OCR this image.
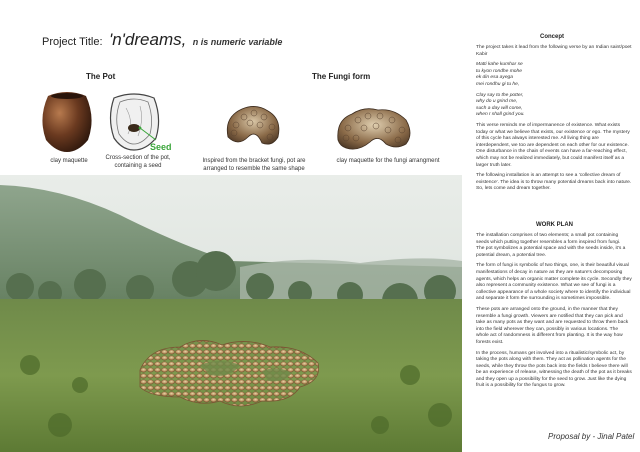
Project Title: 'n'dreams, n is numeric variable
The Pot
Seed
clay maquette	Cross-section of the pot, containing a seed
The Fungi form
Inspired from the bracket fungi, pot are arranged to resemble the same shape
clay maquette for the fungi arrangment
Concept

The project takes it lead from the following verse by an Indian saint/poet Kabir

Matti kahe kumhar se
tu kyon rondhe mohe
ek din esa ayega
mei rondhu gi tu he,

Clay say to the potter,
why do u grind me,
such a day will come,
when I shall grind you.

This verse reminds me of impermanence of existence. What exists today or what we believe that exists, our existence or ego. The mystery of this cycle has always interested me. All living thing are interdependent, we too are dependent on each other for our existence. One disturbance in the chain of events can have a far-reaching effect, which may not be realized immediately, but could manifest itself as a larger truth later.

The following installation is an attempt to see a 'collective dream of existence'. The idea is to throw many potential dreams back into nature. So, lets come and dream together.

WORK PLAN

The installation comprises of two elements; a small pot containing seeds which putting together resembles a form inspired from fungi.

The pot symbolizes a potential space and with the seeds inside, it's a potential dream, a potential tree.

The form of fungi is symbolic of two things, one, is their beautiful visual manifestations of decay in nature as they are nature's decomposing agents, which helps an organic matter complete its cycle. Secondly they also represent a community existence. What we see of fungi is a collective appearance of a whole society where to identify the individual and separate it form the surrounding is sometimes impossible.

These pots are arranged onto the ground, in the manner that they resemble a fungi growth. Viewers are notified that they can pick and take as many pots as they want and are requested to throw them back into the field wherever they can, possibly in various locations. The whole act of randomness is different from planting. It is the way how forests exist.

In the process, humans get involved into a ritualistic/symbolic act, by taking the pots along with them. They act as pollination agents for the seeds, while they throw the pots back into the fields I believe there will be an experience of release, witnessing the death of the pot as it breaks and they open up a possibility for the seed to grow. Just like the dying fruit is a possibility for the fungus to grow.

Proposal by - Jinal Patel
